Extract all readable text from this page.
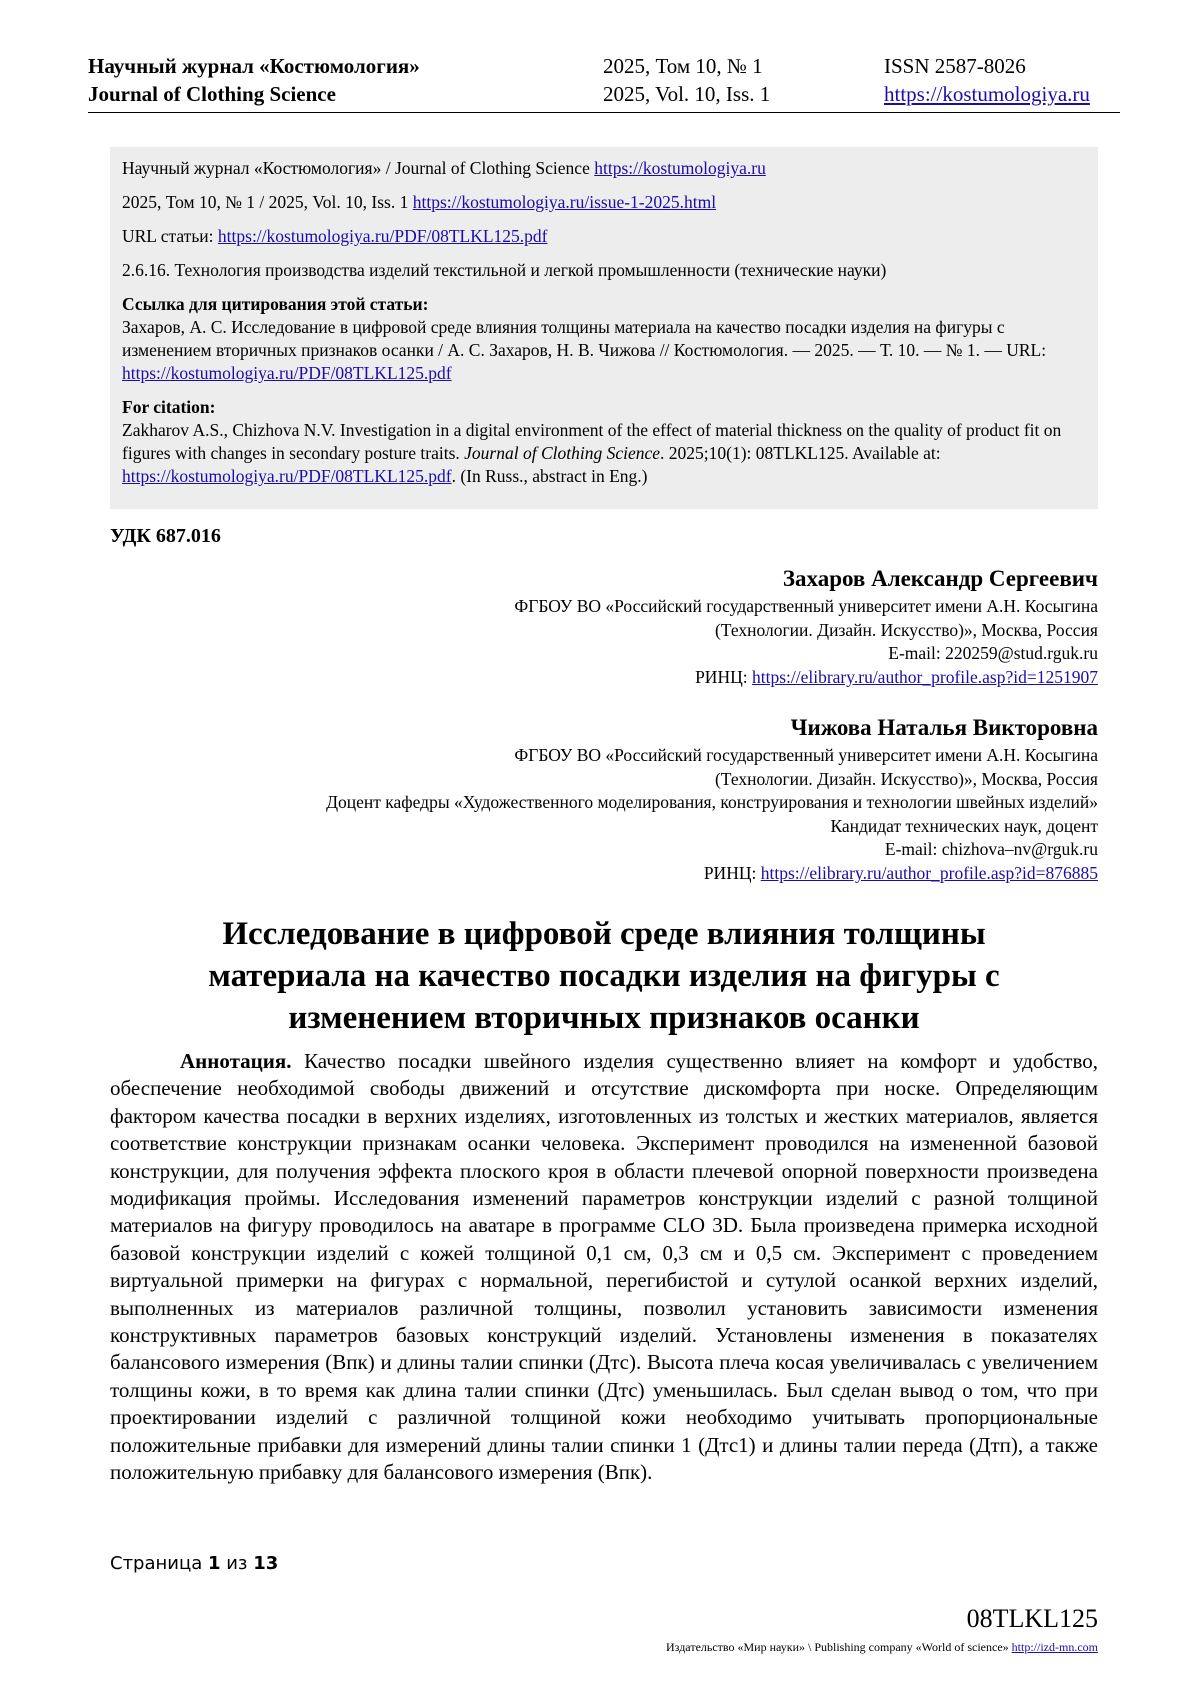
Научный журнал «Костюмология»
Journal of Clothing Science
2025, Том 10, № 1
2025, Vol. 10, Iss. 1
ISSN 2587-8026
https://kostumologiya.ru

Научный журнал «Костюмология» / Journal of Clothing Science https://kostumologiya.ru

2025, Том 10, № 1 / 2025, Vol. 10, Iss. 1 https://kostumologiya.ru/issue-1-2025.html

URL статьи: https://kostumologiya.ru/PDF/08TLKL125.pdf

2.6.16. Технология производства изделий текстильной и легкой промышленности (технические науки)

Ссылка для цитирования этой статьи:
Захаров, А. С. Исследование в цифровой среде влияния толщины материала на качество посадки изделия на фигуры с изменением вторичных признаков осанки / А. С. Захаров, Н. В. Чижова // Костюмология. — 2025. — Т. 10. — № 1. — URL: https://kostumologiya.ru/PDF/08TLKL125.pdf
For citation:
Zakharov A.S., Chizhova N.V. Investigation in a digital environment of the effect of material thickness on the quality of product fit on figures with changes in secondary posture traits. Journal of Clothing Science. 2025;10(1): 08TLKL125. Available at: https://kostumologiya.ru/PDF/08TLKL125.pdf. (In Russ., abstract in Eng.)
УДК 687.016
Захаров Александр Сергеевич
ФГБОУ ВО «Российский государственный университет имени А.Н. Косыгина
(Технологии. Дизайн. Искусство)», Москва, Россия
E-mail: 220259@stud.rguk.ru
РИНЦ: https://elibrary.ru/author_profile.asp?id=1251907
Чижова Наталья Викторовна
ФГБОУ ВО «Российский государственный университет имени А.Н. Косыгина
(Технологии. Дизайн. Искусство)», Москва, Россия
Доцент кафедры «Художественного моделирования, конструирования и технологии швейных изделий»
Кандидат технических наук, доцент
E-mail: chizhova–nv@rguk.ru
РИНЦ: https://elibrary.ru/author_profile.asp?id=876885
Исследование в цифровой среде влияния толщины
материала на качество посадки изделия на фигуры с
изменением вторичных признаков осанки
Аннотация. Качество посадки швейного изделия существенно влияет на комфорт и удобство, обеспечение необходимой свободы движений и отсутствие дискомфорта при носке. Определяющим фактором качества посадки в верхних изделиях, изготовленных из толстых и жестких материалов, является соответствие конструкции признакам осанки человека. Эксперимент проводился на измененной базовой конструкции, для получения эффекта плоского кроя в области плечевой опорной поверхности произведена модификация проймы. Исследования изменений параметров конструкции изделий с разной толщиной материалов на фигуру проводилось на аватаре в программе CLO 3D. Была произведена примерка исходной базовой конструкции изделий с кожей толщиной 0,1 см, 0,3 см и 0,5 см. Эксперимент с проведением виртуальной примерки на фигурах с нормальной, перегибистой и сутулой осанкой верхних изделий, выполненных из материалов различной толщины, позволил установить зависимости изменения конструктивных параметров базовых конструкций изделий. Установлены изменения в показателях балансового измерения (Впк) и длины талии спинки (Дтс). Высота плеча косая увеличивалась с увеличением толщины кожи, в то время как длина талии спинки (Дтс) уменьшилась. Был сделан вывод о том, что при проектировании изделий с различной толщиной кожи необходимо учитывать пропорциональные положительные прибавки для измерений длины талии спинки 1 (Дтс1) и длины талии переда (Дтп), а также положительную прибавку для балансового измерения (Впк).
Страница 1 из 13
08TLKL125
Издательство «Мир науки» \ Publishing company «World of science» http://izd-mn.com
